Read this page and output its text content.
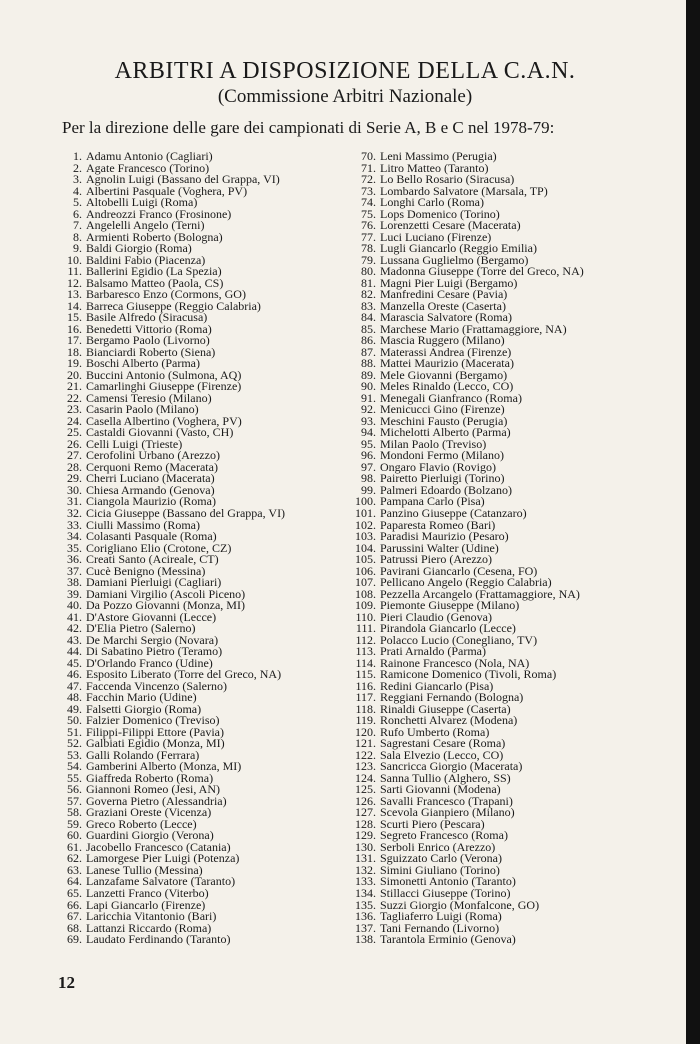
ARBITRI A DISPOSIZIONE DELLA C.A.N.

(Commissione Arbitri Nazionale)

Per la direzione delle gare dei campionati di Serie A, B e C nel 1978-79:

1. Adamu Antonio (Cagliari)
2. Agate Francesco (Torino)
3. Agnolin Luigi (Bassano del Grappa, VI)
4. Albertini Pasquale (Voghera, PV)
5. Altobelli Luigi (Roma)
6. Andreozzi Franco (Frosinone)
7. Angelelli Angelo (Terni)
8. Armienti Roberto (Bologna)
9. Baldi Giorgio (Roma)
10. Baldini Fabio (Piacenza)
11. Ballerini Egidio (La Spezia)
12. Balsamo Matteo (Paola, CS)
13. Barbaresco Enzo (Cormons, GO)
14. Barreca Giuseppe (Reggio Calabria)
15. Basile Alfredo (Siracusa)
16. Benedetti Vittorio (Roma)
17. Bergamo Paolo (Livorno)
18. Bianciardi Roberto (Siena)
19. Boschi Alberto (Parma)
20. Buccini Antonio (Sulmona, AQ)
21. Camarlinghi Giuseppe (Firenze)
22. Camensi Teresio (Milano)
23. Casarin Paolo (Milano)
24. Casella Albertino (Voghera, PV)
25. Castaldi Giovanni (Vasto, CH)
26. Celli Luigi (Trieste)
27. Cerofolini Urbano (Arezzo)
28. Cerquoni Remo (Macerata)
29. Cherri Luciano (Macerata)
30. Chiesa Armando (Genova)
31. Ciangola Maurizio (Roma)
32. Cicia Giuseppe (Bassano del Grappa, VI)
33. Ciulli Massimo (Roma)
34. Colasanti Pasquale (Roma)
35. Corigliano Elio (Crotone, CZ)
36. Creati Santo (Acireale, CT)
37. Cucè Benigno (Messina)
38. Damiani Pierluigi (Cagliari)
39. Damiani Virgilio (Ascoli Piceno)
40. Da Pozzo Giovanni (Monza, MI)
41. D'Astore Giovanni (Lecce)
42. D'Elia Pietro (Salerno)
43. De Marchi Sergio (Novara)
44. Di Sabatino Pietro (Teramo)
45. D'Orlando Franco (Udine)
46. Esposito Liberato (Torre del Greco, NA)
47. Faccenda Vincenzo (Salerno)
48. Facchin Mario (Udine)
49. Falsetti Giorgio (Roma)
50. Falzier Domenico (Treviso)
51. Filippi-Filippi Ettore (Pavia)
52. Galbiati Egidio (Monza, MI)
53. Galli Rolando (Ferrara)
54. Gamberini Alberto (Monza, MI)
55. Giaffreda Roberto (Roma)
56. Giannoni Romeo (Jesi, AN)
57. Governa Pietro (Alessandria)
58. Graziani Oreste (Vicenza)
59. Greco Roberto (Lecce)
60. Guardini Giorgio (Verona)
61. Jacobello Francesco (Catania)
62. Lamorgese Pier Luigi (Potenza)
63. Lanese Tullio (Messina)
64. Lanzafame Salvatore (Taranto)
65. Lanzetti Franco (Viterbo)
66. Lapi Giancarlo (Firenze)
67. Laricchia Vitantonio (Bari)
68. Lattanzi Riccardo (Roma)
69. Laudato Ferdinando (Taranto)
70. Leni Massimo (Perugia)
71. Litro Matteo (Taranto)
72. Lo Bello Rosario (Siracusa)
73. Lombardo Salvatore (Marsala, TP)
74. Longhi Carlo (Roma)
75. Lops Domenico (Torino)
76. Lorenzetti Cesare (Macerata)
77. Luci Luciano (Firenze)
78. Lugli Giancarlo (Reggio Emilia)
79. Lussana Guglielmo (Bergamo)
80. Madonna Giuseppe (Torre del Greco, NA)
81. Magni Pier Luigi (Bergamo)
82. Manfredini Cesare (Pavia)
83. Manzella Oreste (Caserta)
84. Marascia Salvatore (Roma)
85. Marchese Mario (Frattamaggiore, NA)
86. Mascia Ruggero (Milano)
87. Materassi Andrea (Firenze)
88. Mattei Maurizio (Macerata)
89. Mele Giovanni (Bergamo)
90. Meles Rinaldo (Lecco, CO)
91. Menegali Gianfranco (Roma)
92. Menicucci Gino (Firenze)
93. Meschini Fausto (Perugia)
94. Michelotti Alberto (Parma)
95. Milan Paolo (Treviso)
96. Mondoni Fermo (Milano)
97. Ongaro Flavio (Rovigo)
98. Pairetto Pierluigi (Torino)
99. Palmeri Edoardo (Bolzano)
100. Pampana Carlo (Pisa)
101. Panzino Giuseppe (Catanzaro)
102. Paparesta Romeo (Bari)
103. Paradisi Maurizio (Pesaro)
104. Parussini Walter (Udine)
105. Patrussi Piero (Arezzo)
106. Pavirani Giancarlo (Cesena, FO)
107. Pellicano Angelo (Reggio Calabria)
108. Pezzella Arcangelo (Frattamaggiore, NA)
109. Piemonte Giuseppe (Milano)
110. Pieri Claudio (Genova)
111. Pirandola Giancarlo (Lecce)
112. Polacco Lucio (Conegliano, TV)
113. Prati Arnaldo (Parma)
114. Rainone Francesco (Nola, NA)
115. Ramicone Domenico (Tivoli, Roma)
116. Redini Giancarlo (Pisa)
117. Reggiani Fernando (Bologna)
118. Rinaldi Giuseppe (Caserta)
119. Ronchetti Alvarez (Modena)
120. Rufo Umberto (Roma)
121. Sagrestani Cesare (Roma)
122. Sala Elvezio (Lecco, CO)
123. Sancricca Giorgio (Macerata)
124. Sanna Tullio (Alghero, SS)
125. Sarti Giovanni (Modena)
126. Savalli Francesco (Trapani)
127. Scevola Gianpiero (Milano)
128. Scurti Piero (Pescara)
129. Segreto Francesco (Roma)
130. Serboli Enrico (Arezzo)
131. Sguizzato Carlo (Verona)
132. Simini Giuliano (Torino)
133. Simonetti Antonio (Taranto)
134. Stillacci Giuseppe (Torino)
135. Suzzi Giorgio (Monfalcone, GO)
136. Tagliaferro Luigi (Roma)
137. Tani Fernando (Livorno)
138. Tarantola Erminio (Genova)

12
